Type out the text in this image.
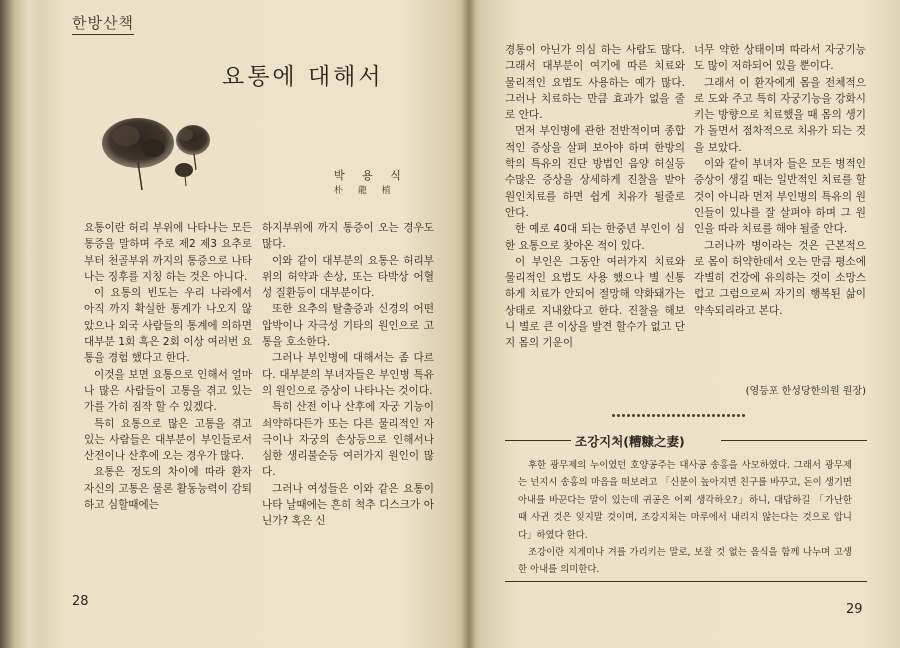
한방산책
요통에 대해서
박 용 식
朴 龍 植

요통이란 허리 부위에 나타나는 모든 통증을 말하며 주로 제2 제3 요추로 부터 천골부위 까지의 통증으로 나타나는 징후를 지칭 하는 것은 아니다.

이 요통의 빈도는 우리 나라에서 아직 까지 확실한 통계가 나오지 않았으나 외국 사람들의 통계에 의하면 대부분 1회 혹은 2회 이상 여러번 요통을 경험 했다고 한다.

이것을 보면 요통으로 인해서 얼마나 많은 사람들이 고통을 겪고 있는 가를 가히 짐작 할 수 있겠다.

특히 요통으로 많은 고통을 겪고 있는 사람들은 대부분이 부인들로서 산전이나 산후에 오는 경우가 많다.

요통은 정도의 차이에 따라 환자 자신의 고통은 물론 활동능력이 감퇴하고 심할때에는

하지부위에 까지 통증이 오는 경우도 많다.

이와 같이 대부분의 요통은 허리부위의 허약과 손상, 또는 타박상 어혈성 질환등이 대부분이다.

또한 요추의 탈출증과 신경의 어떤 압박이나 자극성 기타의 원인으로 고통을 호소한다.

그러나 부인병에 대해서는 좀 다르다. 대부분의 부녀자들은 부인병 특유의 원인으로 증상이 나타나는 것이다.

특히 산전 이나 산후에 자궁 기능이 쇠약하다든가 또는 다른 물리적인 자극이나 자궁의 손상등으로 인해서나 심한 생리불순등 여러가지 원인이 많다.

그러나 여성들은 이와 같은 요통이 나타 날때에는 흔히 척추 디스크가 아닌가? 혹은 신

경통이 아닌가 의심 하는 사람도 많다. 그래서 대부분이 여기에 따른 치료와 물리적인 요법도 사용하는 예가 많다. 그러나 치료하는 만큼 효과가 없을 줄로 안다.

먼저 부인병에 관한 전반적이며 종합적인 증상을 살펴 보아야 하며 한방의학의 특유의 진단 방법인 음양 허실등 수많은 증상을 상세하게 진찰을 받아 원인치료를 하면 쉽게 치유가 될줄로 안다.

한 예로 40대 되는 한중년 부인이 심한 요통으로 찾아온 적이 있다.

이 부인은 그동안 여러가지 치료와 물리적인 요법도 사용 했으나 별 신통하게 치료가 안되어 절망해 약화돼가는 상태로 지내왔다고 한다. 진찰을 해보니 별로 큰 이상을 발견 할수가 없고 단지 몸의 기운이

너무 약한 상태이며 따라서 자궁기능도 많이 저하되어 있을 뿐이다.

그래서 이 환자에게 몸을 전체적으로 도와 주고 특히 자궁기능을 강화시키는 방향으로 치료했을 때 몸의 생기가 돌면서 점차적으로 치유가 되는 것을 보았다.

이와 같이 부녀자 들은 모든 병적인 증상이 생길 때는 일반적인 치료를 할 것이 아니라 먼저 부인병의 특유의 원인들이 있나를 잘 살펴야 하며 그 원인을 따라 치료를 해야 될줄 안다.

그러나까 병이라는 것은 근본적으로 몸이 허약한데서 오는 만큼 평소에 각별히 건강에 유의하는 것이 소망스럽고 그럼으로써 자기의 행복된 삶이 약속되리라고 본다.

(영등포 한성당한의원 원장)
조강지처(糟糠之妻)

후한 광무제의 누이였던 호양공주는 대사공 송홍을 사모하였다. 그래서 광무제는 넌지시 송홍의 마음을 떠보려고 「신분이 높아지면 친구를 바꾸고, 돈이 생기면 아내를 바꾼다는 말이 있는데 귀공은 어찌 생각하오?」하니, 대답하길 「가난한 때 사귄 것은 잊지말 것이며, 조강지처는 마루에서 내리지 않는다는 것으로 압니다」하였다 한다.

조강이란 지게미나 겨를 가리키는 말로, 보잘 것 없는 음식을 함께 나누며 고생한 아내를 의미한다.

28
29
